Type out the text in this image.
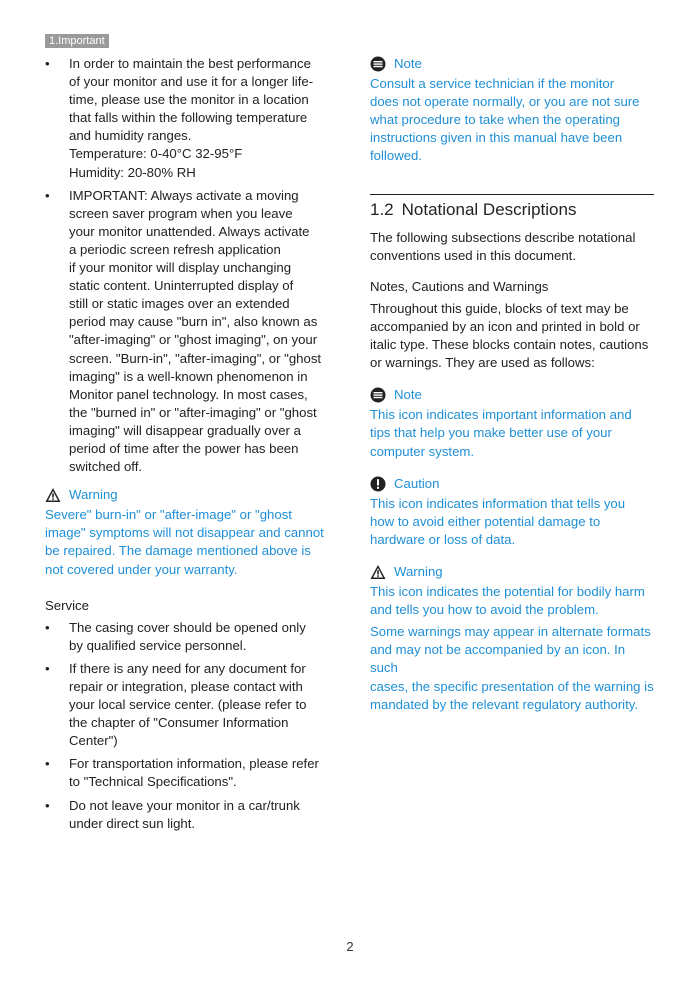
1.Important
• In order to maintain the best performance
of your monitor and use it for a longer life-
time, please use the monitor in a location
that falls within the following temperature
and humidity ranges.
Temperature: 0-40°C 32-95°F
Humidity: 20-80% RH
• IMPORTANT: Always activate a moving
screen saver program when you leave
your monitor unattended. Always activate
a periodic screen refresh application
if your monitor will display unchanging
static content. Uninterrupted display of
still or static images over an extended
period may cause "burn in", also known as
"after-imaging" or "ghost imaging", on your
screen. "Burn-in", "after-imaging", or "ghost
imaging" is a well-known phenomenon in
Monitor panel technology. In most cases,
the "burned in" or "after-imaging" or "ghost
imaging" will disappear gradually over a
period of time after the power has been
switched off.
Warning
Severe" burn-in" or "after-image" or "ghost
image" symptoms will not disappear and cannot
be repaired. The damage mentioned above is
not covered under your warranty.
Service
• The casing cover should be opened only
by qualified service personnel.
• If there is any need for any document for
repair or integration, please contact with
your local service center. (please refer to
the chapter of "Consumer Information
Center")
• For transportation information, please refer
to "Technical Specifications".
• Do not leave your monitor in a car/trunk
under direct sun light.
Note
Consult a service technician if the monitor
does not operate normally, or you are not sure
what procedure to take when the operating
instructions given in this manual have been
followed.
1.2 Notational Descriptions
The following subsections describe notational
conventions used in this document.
Notes, Cautions and Warnings
Throughout this guide, blocks of text may be
accompanied by an icon and printed in bold or
italic type. These blocks contain notes, cautions
or warnings. They are used as follows:
Note
This icon indicates important information and
tips that help you make better use of your
computer system.
Caution
This icon indicates information that tells you
how to avoid either potential damage to
hardware or loss of data.
Warning
This icon indicates the potential for bodily harm
and tells you how to avoid the problem.
Some warnings may appear in alternate formats
and may not be accompanied by an icon. In such
cases, the specific presentation of the warning is
mandated by the relevant regulatory authority.
2
